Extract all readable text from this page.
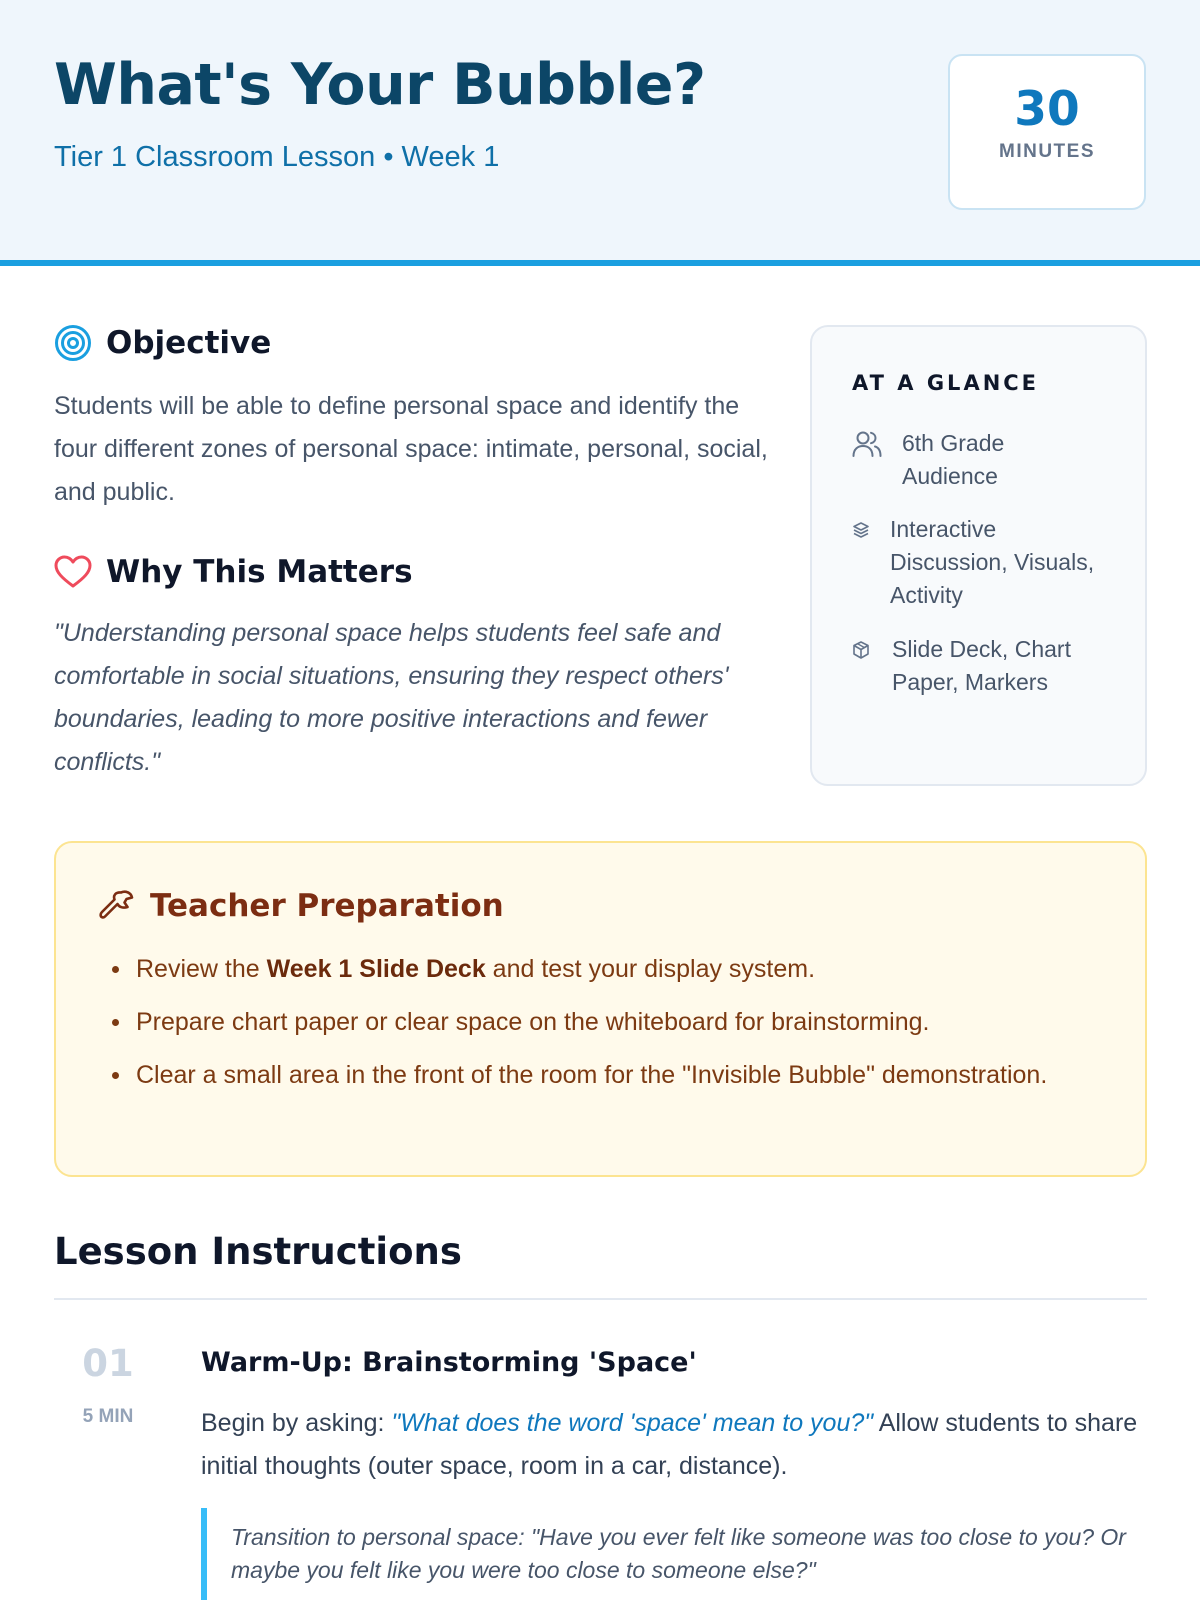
What's Your Bubble?
Tier 1 Classroom Lesson • Week 1
30
MINUTES
Objective

Students will be able to define personal space and identify the four different zones of personal space: intimate, personal, social, and public.

Why This Matters

"Understanding personal space helps students feel safe and comfortable in social situations, ensuring they respect others' boundaries, leading to more positive interactions and fewer conflicts."

AT A GLANCE
6th Grade Audience
Interactive Discussion, Visuals, Activity
Slide Deck, Chart Paper, Markers
Teacher Preparation
Review the Week 1 Slide Deck and test your display system.
Prepare chart paper or clear space on the whiteboard for brainstorming.
Clear a small area in the front of the room for the "Invisible Bubble" demonstration.
Lesson Instructions
01
5 MIN
Warm-Up: Brainstorming 'Space'

Begin by asking: "What does the word 'space' mean to you?" Allow students to share initial thoughts (outer space, room in a car, distance).

Transition to personal space: "Have you ever felt like someone was too close to you? Or maybe you felt like you were too close to someone else?"
